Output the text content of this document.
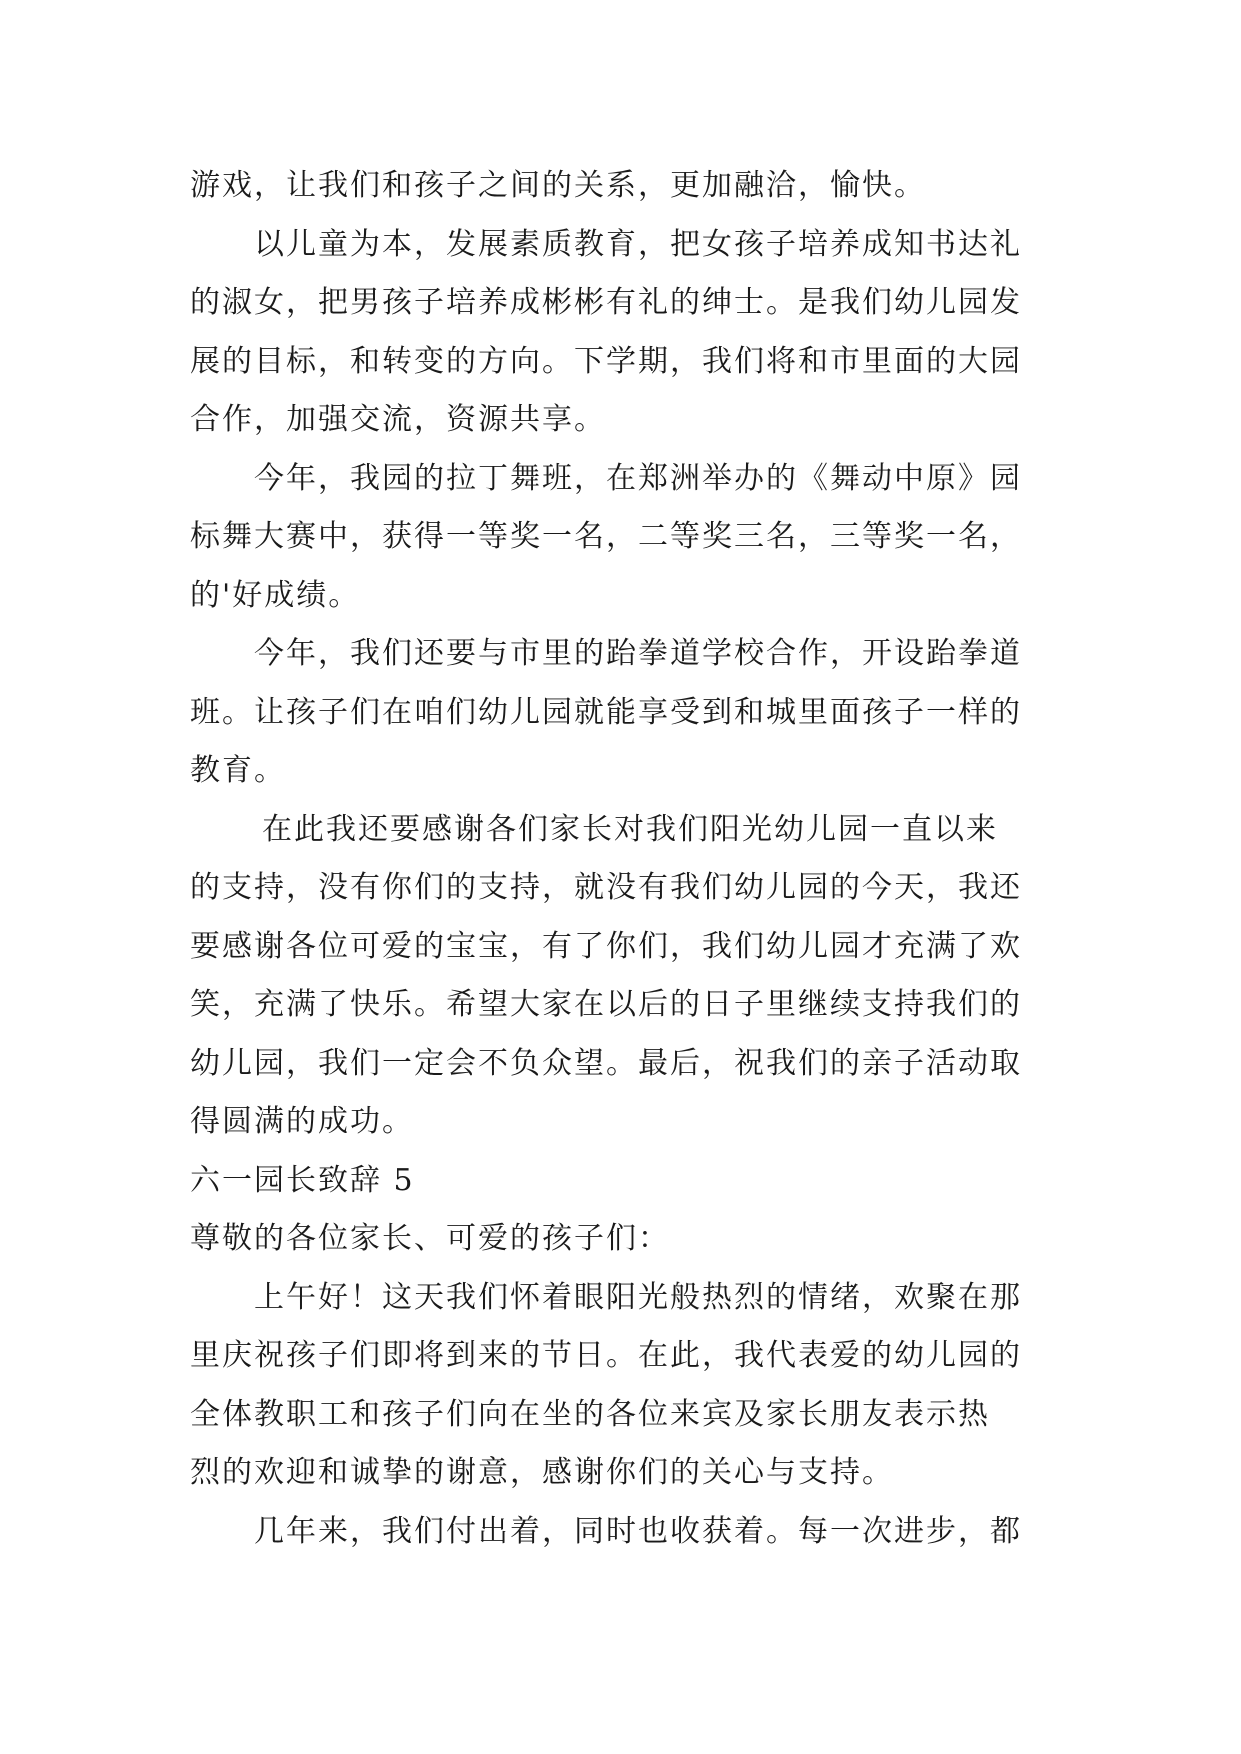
游戏，让我们和孩子之间的关系，更加融洽，愉快。
以儿童为本，发展素质教育，把女孩子培养成知书达礼
的淑女，把男孩子培养成彬彬有礼的绅士。是我们幼儿园发
展的目标，和转变的方向。下学期，我们将和市里面的大园
合作，加强交流，资源共享。
今年，我园的拉丁舞班，在郑洲举办的《舞动中原》园
标舞大赛中，获得一等奖一名，二等奖三名，三等奖一名，
的'好成绩。
今年，我们还要与市里的跆拳道学校合作，开设跆拳道
班。让孩子们在咱们幼儿园就能享受到和城里面孩子一样的
教育。
在此我还要感谢各们家长对我们阳光幼儿园一直以来
的支持，没有你们的支持，就没有我们幼儿园的今天，我还
要感谢各位可爱的宝宝，有了你们，我们幼儿园才充满了欢
笑，充满了快乐。希望大家在以后的日子里继续支持我们的
幼儿园，我们一定会不负众望。最后，祝我们的亲子活动取
得圆满的成功。
六一园长致辞 5
尊敬的各位家长、可爱的孩子们：
上午好！这天我们怀着眼阳光般热烈的情绪，欢聚在那
里庆祝孩子们即将到来的节日。在此，我代表爱的幼儿园的
全体教职工和孩子们向在坐的各位来宾及家长朋友表示热
烈的欢迎和诚挚的谢意，感谢你们的关心与支持。
几年来，我们付出着，同时也收获着。每一次进步，都
